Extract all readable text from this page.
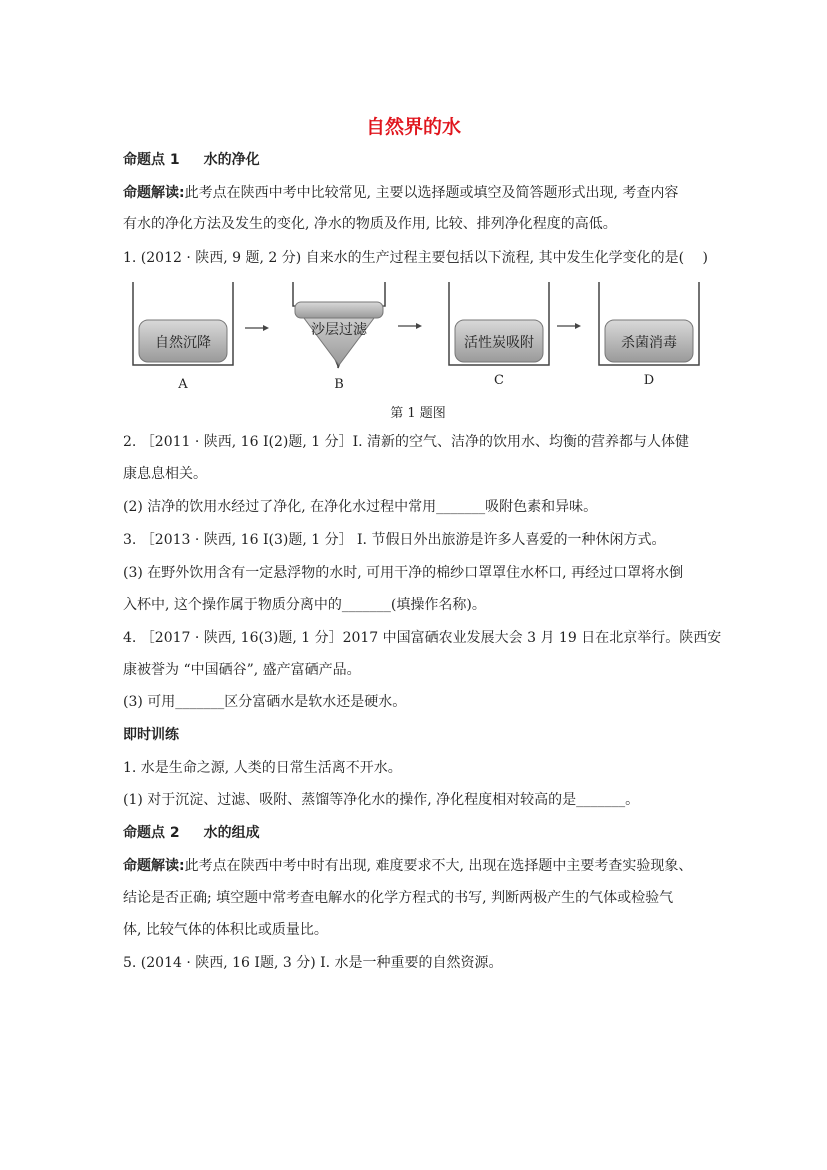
自然界的水
命题点 1 水的净化
命题解读:此考点在陕西中考中比较常见, 主要以选择题或填空及简答题形式出现, 考查内容
有水的净化方法及发生的变化, 净水的物质及作用, 比较、排列净化程度的高低。
1. (2012 · 陕西, 9 题, 2 分) 自来水的生产过程主要包括以下流程, 其中发生化学变化的是(　 )
自然沉降
A
沙层过滤
B
活性炭吸附
C
杀菌消毒
D
第 1 题图
2. ［2011 · 陕西, 16 Ⅰ(2)题, 1 分］Ⅰ. 清新的空气、洁净的饮用水、均衡的营养都与人体健
康息息相关。
(2) 洁净的饮用水经过了净化, 在净化水过程中常用_______吸附色素和异味。
3. ［2013 · 陕西, 16 Ⅰ(3)题, 1 分］ Ⅰ. 节假日外出旅游是许多人喜爱的一种休闲方式。
(3) 在野外饮用含有一定悬浮物的水时, 可用干净的棉纱口罩罩住水杯口, 再经过口罩将水倒
入杯中, 这个操作属于物质分离中的_______(填操作名称)。
4. ［2017 · 陕西, 16(3)题, 1 分］2017 中国富硒农业发展大会 3 月 19 日在北京举行。陕西安
康被誉为 “中国硒谷”, 盛产富硒产品。
(3) 可用_______区分富硒水是软水还是硬水。
即时训练
1. 水是生命之源, 人类的日常生活离不开水。
(1) 对于沉淀、过滤、吸附、蒸馏等净化水的操作, 净化程度相对较高的是_______。
命题点 2 水的组成
命题解读:此考点在陕西中考中时有出现, 难度要求不大, 出现在选择题中主要考查实验现象、
结论是否正确; 填空题中常考查电解水的化学方程式的书写, 判断两极产生的气体或检验气
体, 比较气体的体积比或质量比。
5. (2014 · 陕西, 16 Ⅰ题, 3 分) Ⅰ. 水是一种重要的自然资源。
